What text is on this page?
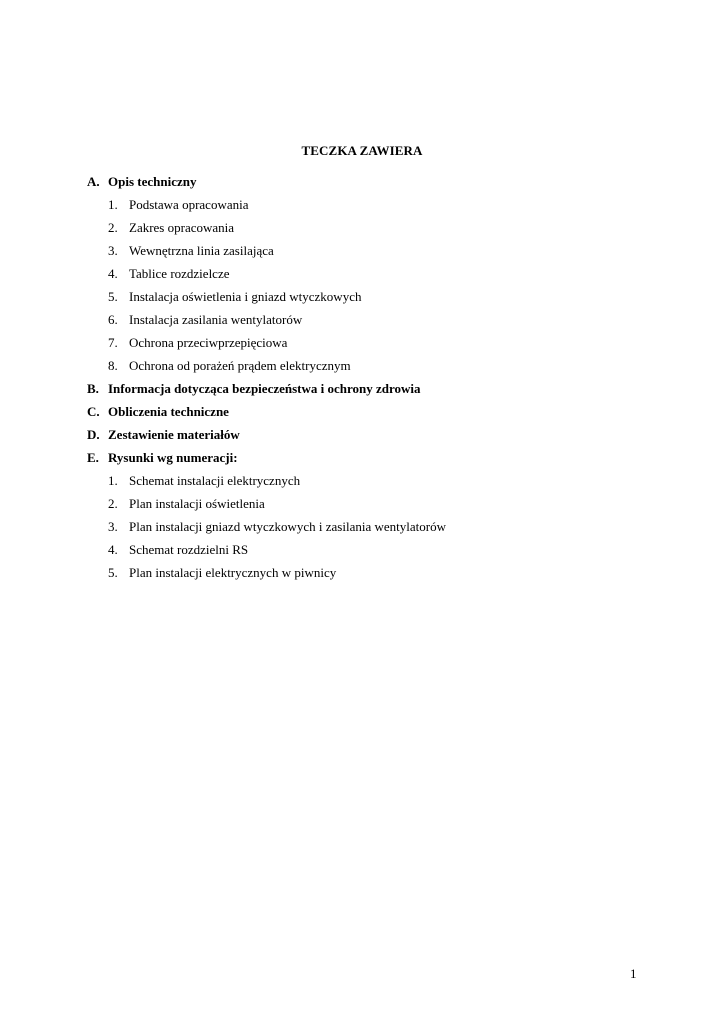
TECZKA ZAWIERA
A. Opis techniczny
1. Podstawa opracowania
2. Zakres opracowania
3. Wewnętrzna linia zasilająca
4. Tablice rozdzielcze
5. Instalacja oświetlenia i gniazd wtyczkowych
6. Instalacja zasilania wentylatorów
7. Ochrona przeciwprzepięciowa
8. Ochrona od porażeń prądem elektrycznym
B. Informacja dotycząca bezpieczeństwa i ochrony zdrowia
C. Obliczenia techniczne
D. Zestawienie materiałów
E. Rysunki wg numeracji:
1. Schemat instalacji elektrycznych
2. Plan instalacji oświetlenia
3. Plan instalacji gniazd wtyczkowych i zasilania wentylatorów
4. Schemat rozdzielni RS
5. Plan instalacji elektrycznych w piwnicy
1
